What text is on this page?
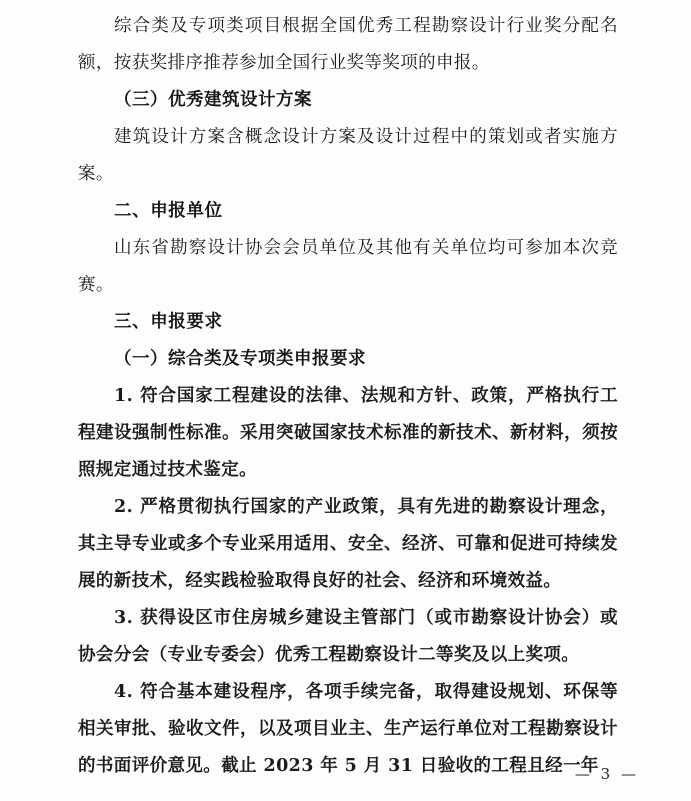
综合类及专项类项目根据全国优秀工程勘察设计行业奖分配名额，按获奖排序推荐参加全国行业奖等奖项的申报。

（三）优秀建筑设计方案

建筑设计方案含概念设计方案及设计过程中的策划或者实施方案。

二、申报单位

山东省勘察设计协会会员单位及其他有关单位均可参加本次竞赛。

三、申报要求

（一）综合类及专项类申报要求

1. 符合国家工程建设的法律、法规和方针、政策，严格执行工程建设强制性标准。采用突破国家技术标准的新技术、新材料，须按照规定通过技术鉴定。

2. 严格贯彻执行国家的产业政策，具有先进的勘察设计理念，其主导专业或多个专业采用适用、安全、经济、可靠和促进可持续发展的新技术，经实践检验取得良好的社会、经济和环境效益。

3. 获得设区市住房城乡建设主管部门（或市勘察设计协会）或协会分会（专业专委会）优秀工程勘察设计二等奖及以上奖项。

4. 符合基本建设程序，各项手续完备，取得建设规划、环保等相关审批、验收文件，以及项目业主、生产运行单位对工程勘察设计的书面评价意见。截止 2023 年 5 月 31 日验收的工程且经一年

— 3 —
